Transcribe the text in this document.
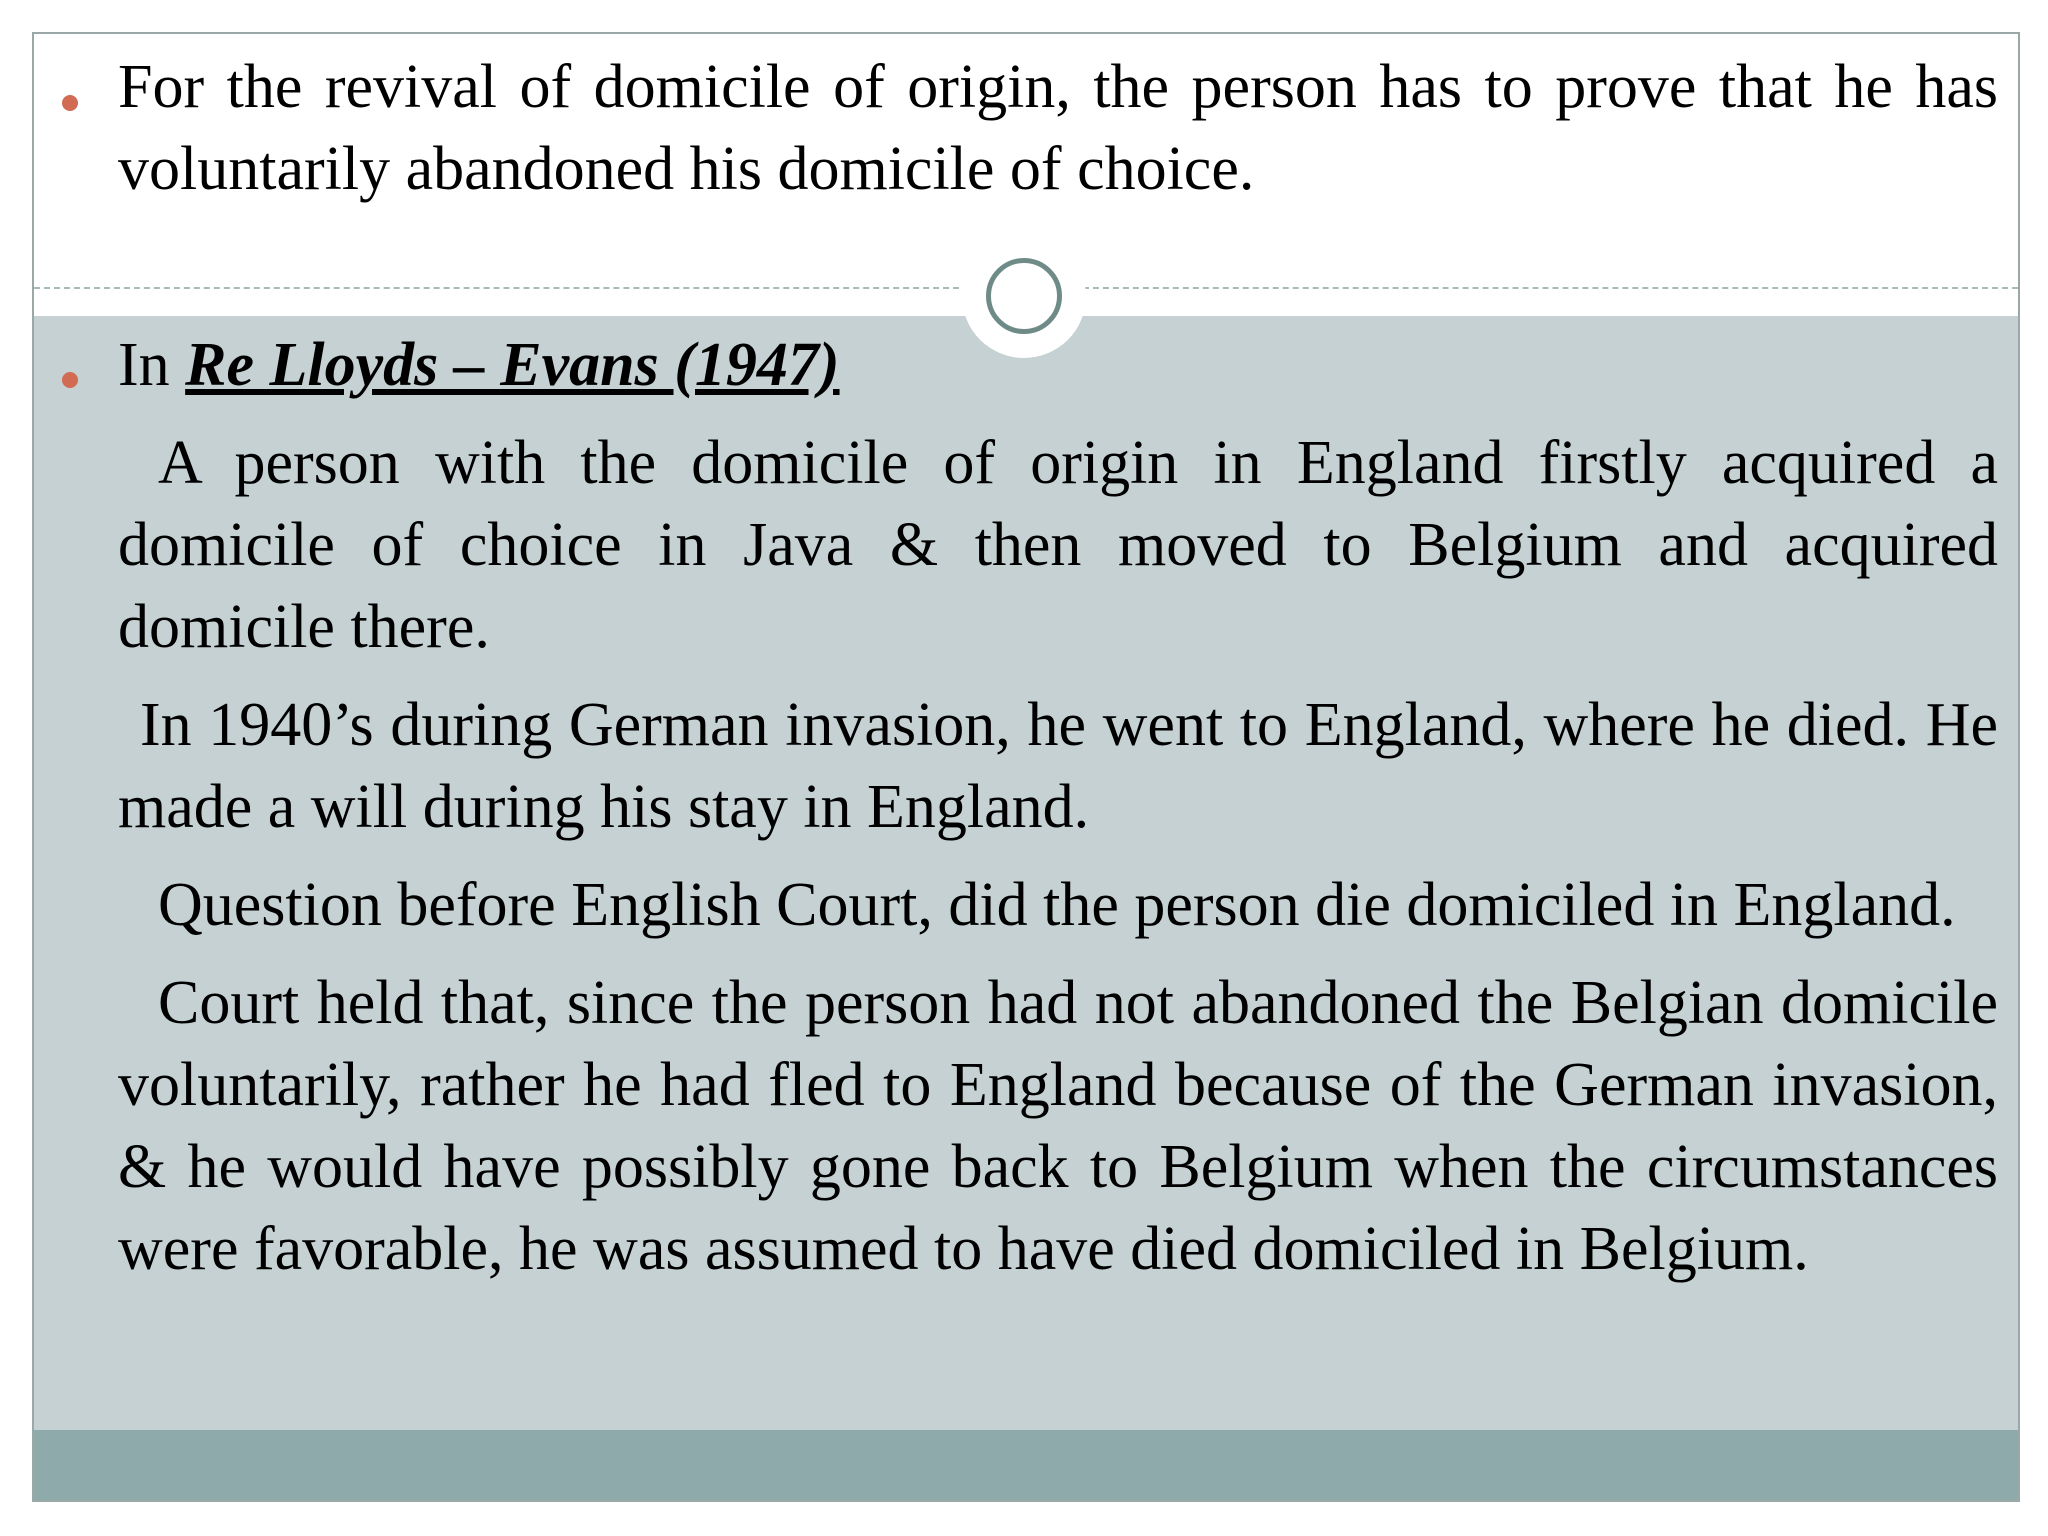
For the revival of domicile of origin, the person has to prove that he has voluntarily abandoned his domicile of choice.

In Re Lloyds – Evans (1947)

A person with the domicile of origin in England firstly acquired a domicile of choice in Java & then moved to Belgium and acquired domicile there.

In 1940’s during German invasion, he went to England, where he died. He made a will during his stay in England.

Question before English Court, did the person die domiciled in England.

Court held that, since the person had not abandoned the Belgian domicile voluntarily, rather he had fled to England because of the German invasion, & he would have possibly gone back to Belgium when the circumstances were favorable, he was assumed to have died domiciled in Belgium.
